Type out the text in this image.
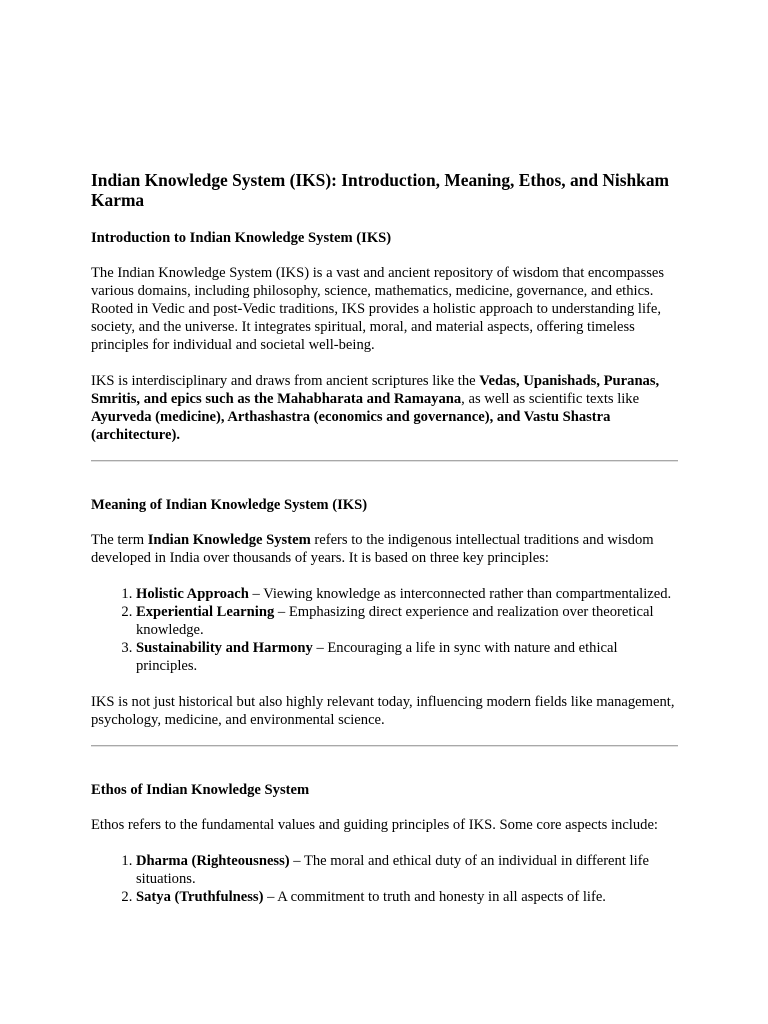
Indian Knowledge System (IKS): Introduction, Meaning, Ethos, and Nishkam Karma
Introduction to Indian Knowledge System (IKS)

The Indian Knowledge System (IKS) is a vast and ancient repository of wisdom that encompasses various domains, including philosophy, science, mathematics, medicine, governance, and ethics. Rooted in Vedic and post-Vedic traditions, IKS provides a holistic approach to understanding life, society, and the universe. It integrates spiritual, moral, and material aspects, offering timeless principles for individual and societal well-being.

IKS is interdisciplinary and draws from ancient scriptures like the Vedas, Upanishads, Puranas, Smritis, and epics such as the Mahabharata and Ramayana, as well as scientific texts like Ayurveda (medicine), Arthashastra (economics and governance), and Vastu Shastra (architecture).

Meaning of Indian Knowledge System (IKS)

The term Indian Knowledge System refers to the indigenous intellectual traditions and wisdom developed in India over thousands of years. It is based on three key principles:

1. Holistic Approach – Viewing knowledge as interconnected rather than compartmentalized.
2. Experiential Learning – Emphasizing direct experience and realization over theoretical knowledge.
3. Sustainability and Harmony – Encouraging a life in sync with nature and ethical principles.

IKS is not just historical but also highly relevant today, influencing modern fields like management, psychology, medicine, and environmental science.

Ethos of Indian Knowledge System

Ethos refers to the fundamental values and guiding principles of IKS. Some core aspects include:

1. Dharma (Righteousness) – The moral and ethical duty of an individual in different life situations.
2. Satya (Truthfulness) – A commitment to truth and honesty in all aspects of life.
